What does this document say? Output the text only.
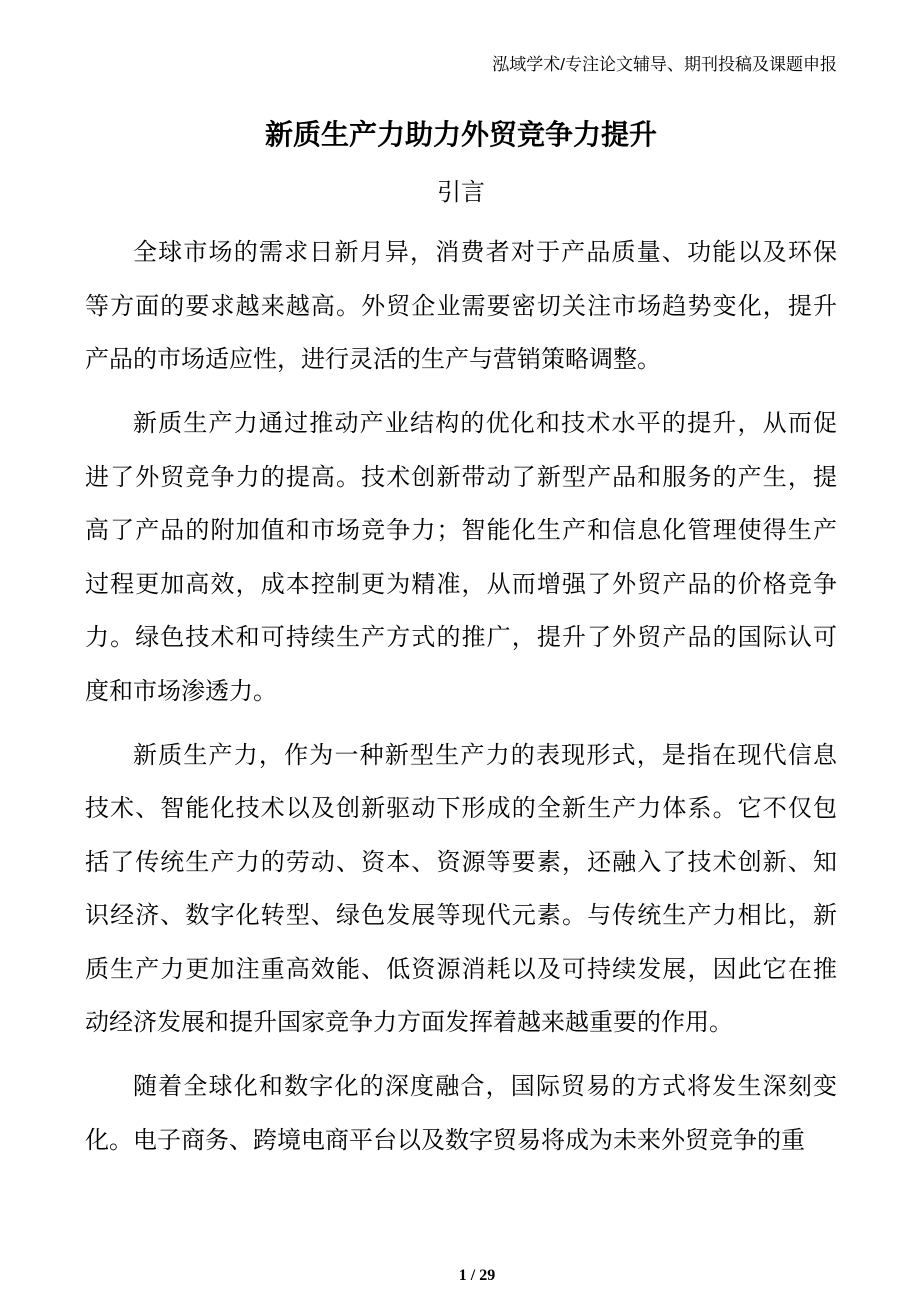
泓域学术/专注论文辅导、期刊投稿及课题申报
新质生产力助力外贸竞争力提升
引言
全球市场的需求日新月异，消费者对于产品质量、功能以及环保
等方面的要求越来越高。外贸企业需要密切关注市场趋势变化，提升
产品的市场适应性，进行灵活的生产与营销策略调整。
新质生产力通过推动产业结构的优化和技术水平的提升，从而促
进了外贸竞争力的提高。技术创新带动了新型产品和服务的产生，提
高了产品的附加值和市场竞争力；智能化生产和信息化管理使得生产
过程更加高效，成本控制更为精准，从而增强了外贸产品的价格竞争
力。绿色技术和可持续生产方式的推广，提升了外贸产品的国际认可
度和市场渗透力。
新质生产力，作为一种新型生产力的表现形式，是指在现代信息
技术、智能化技术以及创新驱动下形成的全新生产力体系。它不仅包
括了传统生产力的劳动、资本、资源等要素，还融入了技术创新、知
识经济、数字化转型、绿色发展等现代元素。与传统生产力相比，新
质生产力更加注重高效能、低资源消耗以及可持续发展，因此它在推
动经济发展和提升国家竞争力方面发挥着越来越重要的作用。
随着全球化和数字化的深度融合，国际贸易的方式将发生深刻变
化。电子商务、跨境电商平台以及数字贸易将成为未来外贸竞争的重
1 / 29
